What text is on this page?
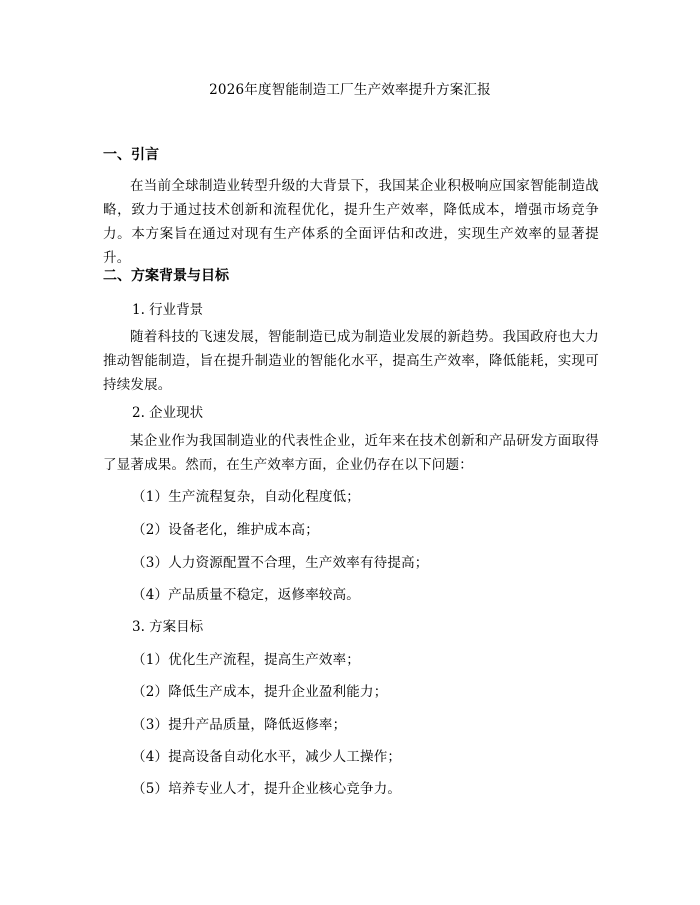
2026年度智能制造工厂生产效率提升方案汇报
一、引言
在当前全球制造业转型升级的大背景下，我国某企业积极响应国家智能制造战略，致力于通过技术创新和流程优化，提升生产效率，降低成本，增强市场竞争力。本方案旨在通过对现有生产体系的全面评估和改进，实现生产效率的显著提升。
二、方案背景与目标
1. 行业背景
随着科技的飞速发展，智能制造已成为制造业发展的新趋势。我国政府也大力推动智能制造，旨在提升制造业的智能化水平，提高生产效率，降低能耗，实现可持续发展。
2. 企业现状
某企业作为我国制造业的代表性企业，近年来在技术创新和产品研发方面取得了显著成果。然而，在生产效率方面，企业仍存在以下问题：
（1）生产流程复杂，自动化程度低；
（2）设备老化，维护成本高；
（3）人力资源配置不合理，生产效率有待提高；
（4）产品质量不稳定，返修率较高。
3. 方案目标
（1）优化生产流程，提高生产效率；
（2）降低生产成本，提升企业盈利能力；
（3）提升产品质量，降低返修率；
（4）提高设备自动化水平，减少人工操作；
（5）培养专业人才，提升企业核心竞争力。
